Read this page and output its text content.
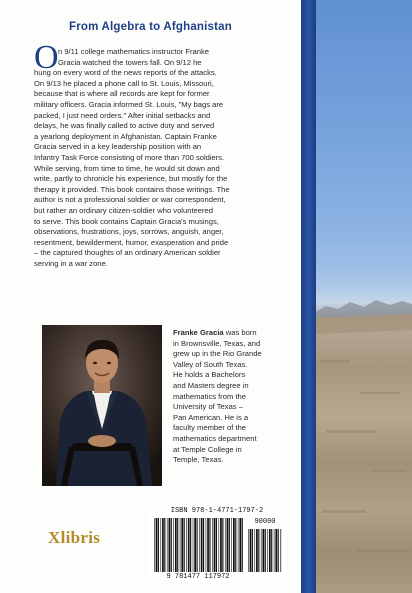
From Algebra to Afghanistan
O n 9/11 college mathematics instructor Franke
Gracia watched the towers fall. On 9/12 he
hung on every word of the news reports of the attacks.
On 9/13 he placed a phone call to St. Louis, Missouri,
because that is where all records are kept for former
military officers. Gracia informed St. Louis, "My bags are
packed, I just need orders." After initial setbacks and
delays, he was finally called to active duty and served
a yearlong deployment in Afghanistan. Captain Franke
Gracia served in a key leadership position with an
Infantry Task Force consisting of more than 700 soldiers.
While serving, from time to time, he would sit down and
write, partly to chronicle his experience, but mostly for the
therapy it provided. This book contains those writings. The
author is not a professional soldier or war correspondent,
but rather an ordinary citizen-soldier who volunteered
to serve. This book contains Captain Gracia's musings,
observations, frustrations, joys, sorrows, anguish, anger,
resentment, bewilderment, humor, exasperation and pride
– the captured thoughts of an ordinary American soldier
serving in a war zone.
Franke Gracia was born
in Brownsville, Texas, and
grew up in the Rio Grande
Valley of South Texas.
He holds a Bachelors
and Masters degree in
mathematics from the
University of Texas –
Pan American. He is a
faculty member of the
mathematics department
at Temple College in
Temple, Texas.
Xlibris
ISBN 978-1-4771-1797-2
90000
9 781477 117972
